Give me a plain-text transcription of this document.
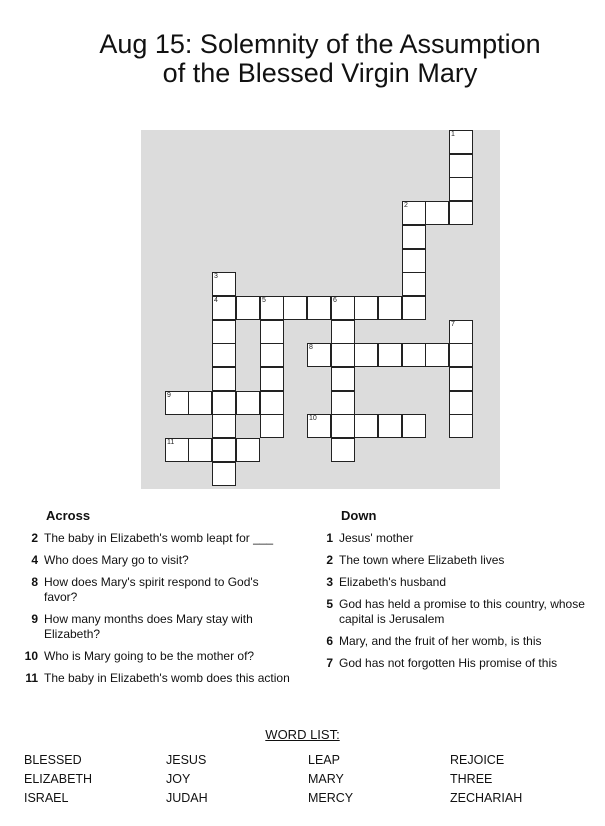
Aug 15: Solemnity of the Assumption
of the Blessed Virgin Mary
Across
2 The baby in Elizabeth's womb leapt for ___
4 Who does Mary go to visit?
8 How does Mary's spirit respond to God's favor?
9 How many months does Mary stay with Elizabeth?
10 Who is Mary going to be the mother of?
11 The baby in Elizabeth's womb does this action
Down
1 Jesus' mother
2 The town where Elizabeth lives
3 Elizabeth's husband
5 God has held a promise to this country, whose capital is Jerusalem
6 Mary, and the fruit of her womb, is this
7 God has not forgotten His promise of this
WORD LIST:
BLESSED
ELIZABETH
ISRAEL
JESUS
JOY
JUDAH
LEAP
MARY
MERCY
REJOICE
THREE
ZECHARIAH
1
2
3
4	5	6
7
8
9
10
11
